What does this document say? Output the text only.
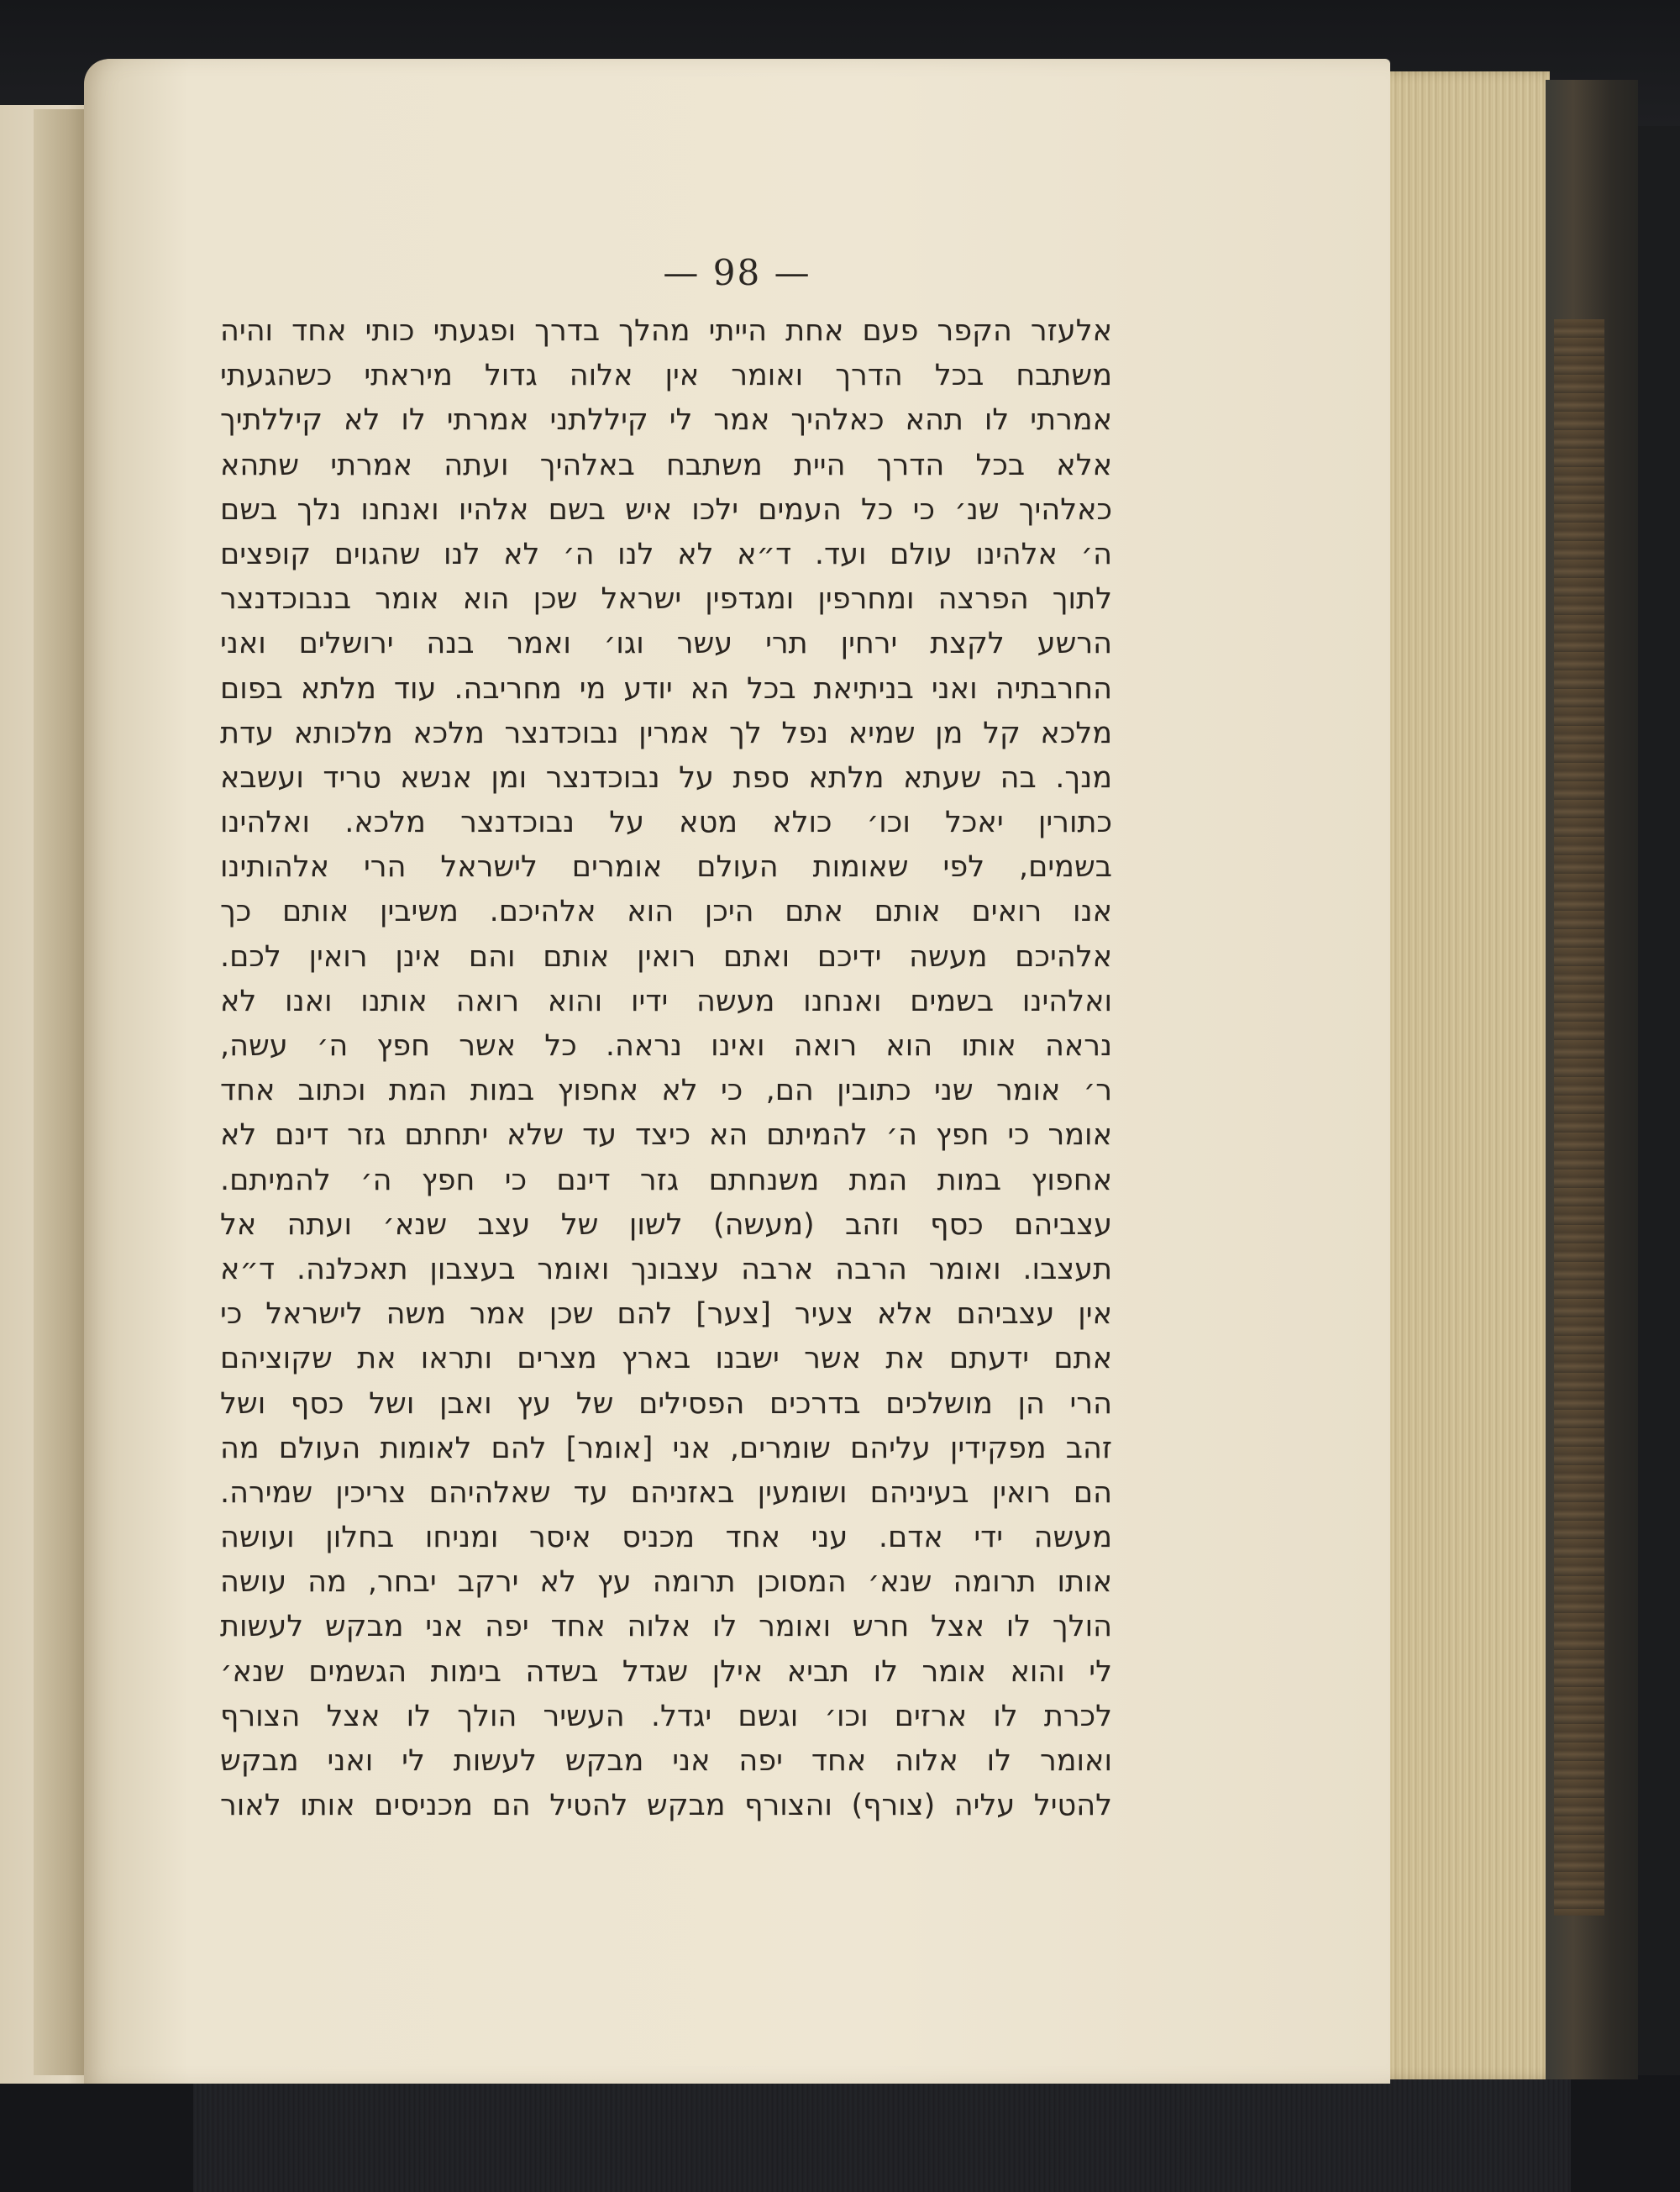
— 98 —
אלעזר הקפר פעם אחת הייתי מהלך בדרך ופגעתי כותי אחד והיה
משתבח בכל הדרך ואומר אין אלוה גדול מיראתי כשהגעתי
אמרתי לו תהא כאלהיך אמר לי קיללתני אמרתי לו לא קיללתיך
אלא בכל הדרך היית משתבח באלהיך ועתה אמרתי שתהא
כאלהיך שנ׳ כי כל העמים ילכו איש בשם אלהיו ואנחנו נלך בשם
ה׳ אלהינו עולם ועד. ד״א לא לנו ה׳ לא לנו שהגוים קופצים
לתוך הפרצה ומחרפין ומגדפין ישראל שכן הוא אומר בנבוכדנצר
הרשע לקצת ירחין תרי עשר וגו׳ ואמר בנה ירושלים ואני
החרבתיה ואני בניתיאת בכל הא יודע מי מחריבה. עוד מלתא בפום
מלכא קל מן שמיא נפל לך אמרין נבוכדנצר מלכא מלכותא עדת
מנך. בה שעתא מלתא ספת על נבוכדנצר ומן אנשא טריד ועשבא
כתורין יאכל וכו׳ כולא מטא על נבוכדנצר מלכא. ואלהינו
בשמים, לפי שאומות העולם אומרים לישראל הרי אלהותינו
אנו רואים אותם אתם היכן הוא אלהיכם. משיבין אותם כך
אלהיכם מעשה ידיכם ואתם רואין אותם והם אינן רואין לכם.
ואלהינו בשמים ואנחנו מעשה ידיו והוא רואה אותנו ואנו לא
נראה אותו הוא רואה ואינו נראה. כל אשר חפץ ה׳ עשה,
ר׳ אומר שני כתובין הם, כי לא אחפוץ במות המת וכתוב אחד
אומר כי חפץ ה׳ להמיתם הא כיצד עד שלא יתחתם גזר דינם לא
אחפוץ במות המת משנחתם גזר דינם כי חפץ ה׳ להמיתם.
עצביהם כסף וזהב (מעשה) לשון של עצב שנא׳ ועתה אל
תעצבו. ואומר הרבה ארבה עצבונך ואומר בעצבון תאכלנה. ד״א
אין עצביהם אלא צעיר [צער] להם שכן אמר משה לישראל כי
אתם ידעתם את אשר ישבנו בארץ מצרים ותראו את שקוציהם
הרי הן מושלכים בדרכים הפסילים של עץ ואבן ושל כסף ושל
זהב מפקידין עליהם שומרים, אני [אומר] להם לאומות העולם מה
הם רואין בעיניהם ושומעין באזניהם עד שאלהיהם צריכין שמירה.
מעשה ידי אדם. עני אחד מכניס איסר ומניחו בחלון ועושה
אותו תרומה שנא׳ המסוכן תרומה עץ לא ירקב יבחר, מה עושה
הולך לו אצל חרש ואומר לו אלוה אחד יפה אני מבקש לעשות
לי והוא אומר לו תביא אילן שגדל בשדה בימות הגשמים שנא׳
לכרת לו ארזים וכו׳ וגשם יגדל. העשיר הולך לו אצל הצורף
ואומר לו אלוה אחד יפה אני מבקש לעשות לי ואני מבקש
להטיל עליה (צורף) והצורף מבקש להטיל הם מכניסים אותו לאור
